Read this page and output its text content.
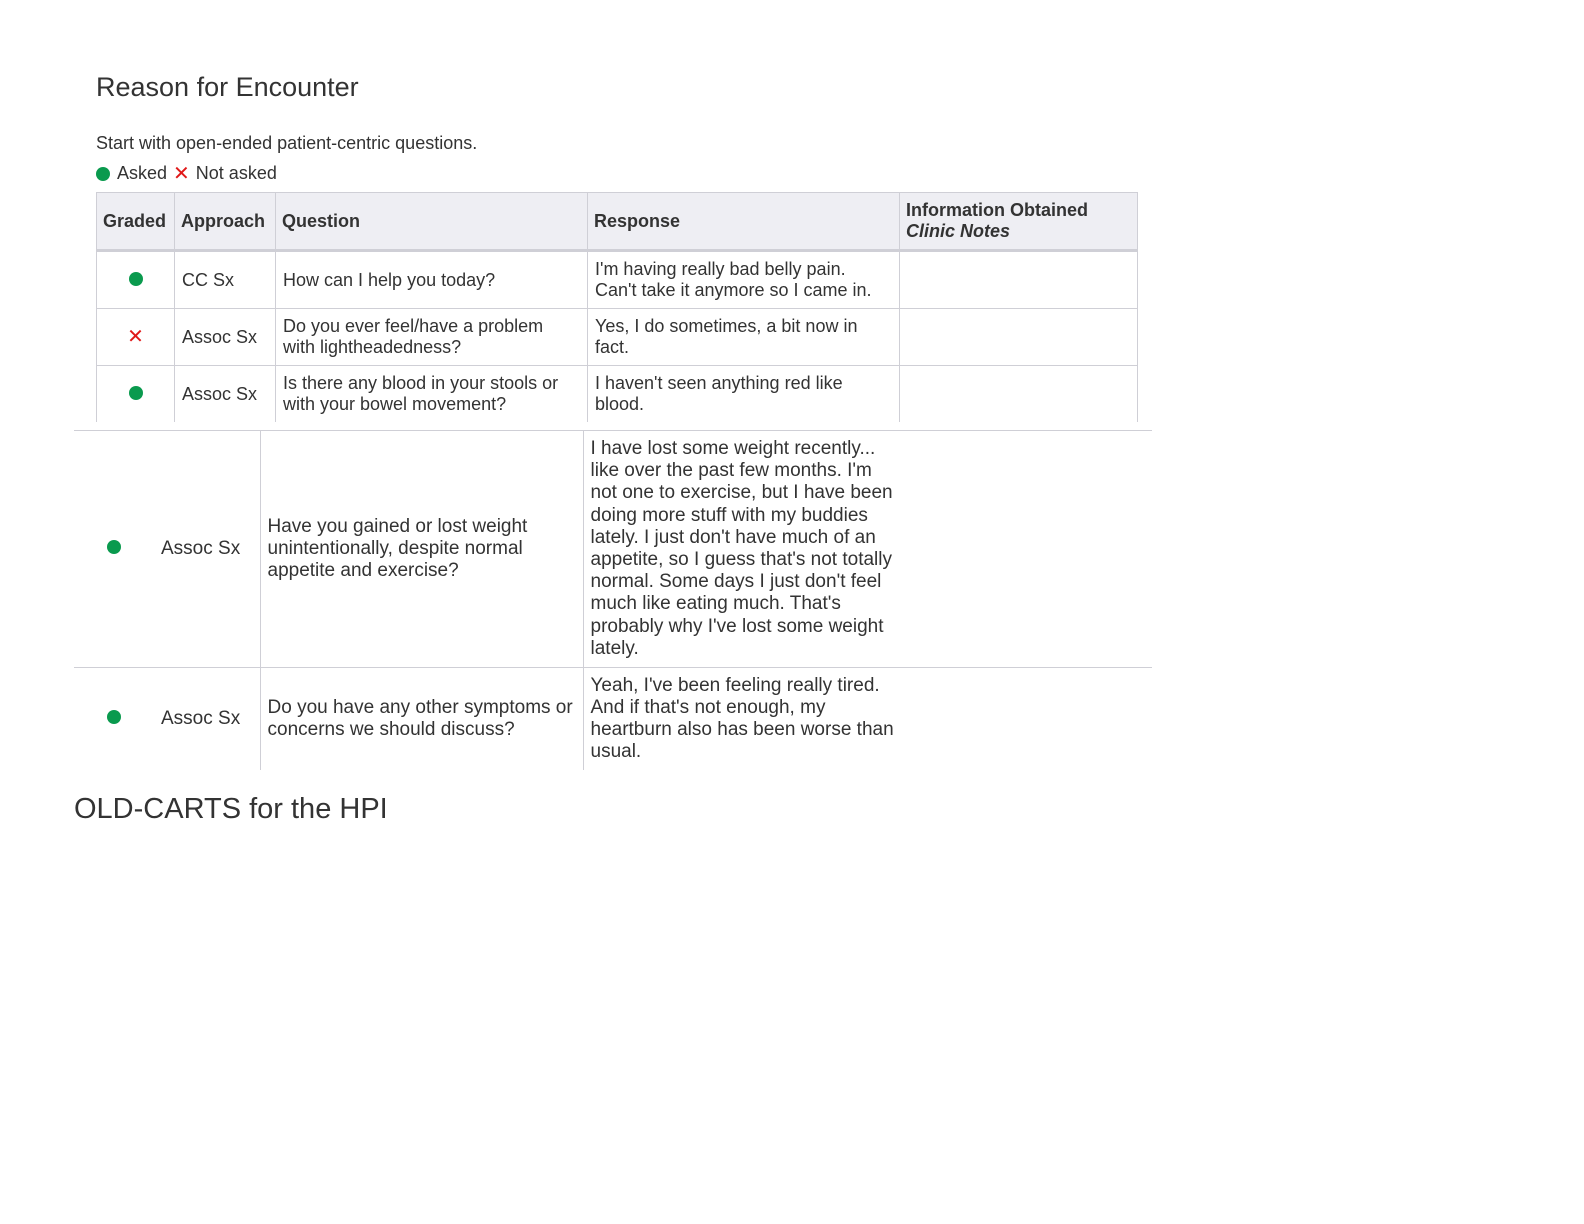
Reason for Encounter
Start with open-ended patient-centric questions.
Asked ✕ Not asked
Graded	Approach	Question	Response	Information Obtained
Clinic Notes

	CC Sx	How can I help you today?	I'm having really bad belly pain. Can't take it anymore so I came in.	
✕	Assoc Sx	Do you ever feel/have a problem with lightheadedness?	Yes, I do sometimes, a bit now in fact.	
	Assoc Sx	Is there any blood in your stools or with your bowel movement?	I haven't seen anything red like blood.	
	Assoc Sx	Have you gained or lost weight unintentionally, despite normal appetite and exercise?	I have lost some weight recently... like over the past few months. I'm not one to exercise, but I have been doing more stuff with my buddies lately. I just don't have much of an appetite, so I guess that's not totally normal. Some days I just don't feel much like eating much. That's probably why I've lost some weight lately.

	Assoc Sx	Do you have any other symptoms or concerns we should discuss?	Yeah, I've been feeling really tired. And if that's not enough, my heartburn also has been worse than usual.
OLD-CARTS for the HPI
